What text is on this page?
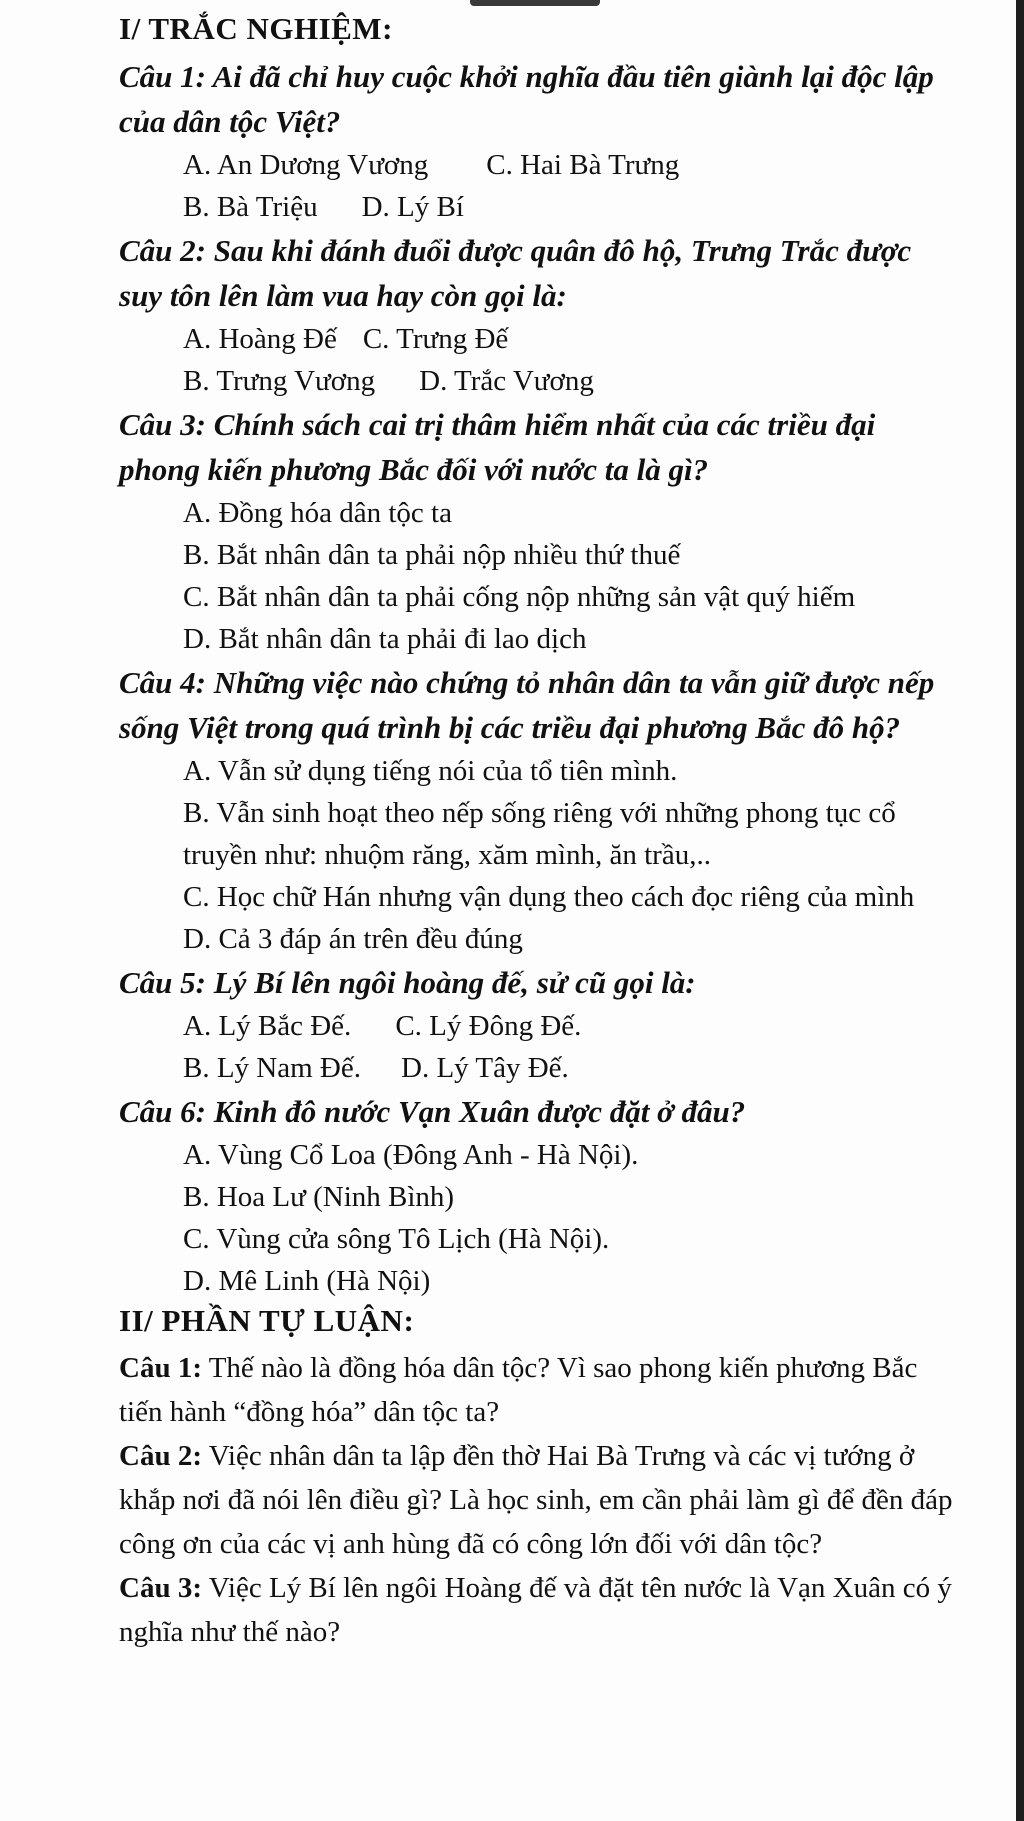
I/ TRẮC NGHIỆM:

Câu 1: Ai đã chỉ huy cuộc khởi nghĩa đầu tiên giành lại độc lập của dân tộc Việt?

A. An Dương Vương C. Hai Bà Trưng
B. Bà Triệu D. Lý Bí

Câu 2: Sau khi đánh đuổi được quân đô hộ, Trưng Trắc được suy tôn lên làm vua hay còn gọi là:

A. Hoàng Đế C. Trưng Đế
B. Trưng Vương D. Trắc Vương

Câu 3: Chính sách cai trị thâm hiểm nhất của các triều đại phong kiến phương Bắc đối với nước ta là gì?

A. Đồng hóa dân tộc ta

B. Bắt nhân dân ta phải nộp nhiều thứ thuế

C. Bắt nhân dân ta phải cống nộp những sản vật quý hiếm

D. Bắt nhân dân ta phải đi lao dịch

Câu 4: Những việc nào chứng tỏ nhân dân ta vẫn giữ được nếp sống Việt trong quá trình bị các triều đại phương Bắc đô hộ?

A. Vẫn sử dụng tiếng nói của tổ tiên mình.

B. Vẫn sinh hoạt theo nếp sống riêng với những phong tục cổ truyền như: nhuộm răng, xăm mình, ăn trầu,..

C. Học chữ Hán nhưng vận dụng theo cách đọc riêng của mình

D. Cả 3 đáp án trên đều đúng

Câu 5: Lý Bí lên ngôi hoàng đế, sử cũ gọi là:

A. Lý Bắc Đế. C. Lý Đông Đế.
B. Lý Nam Đế. D. Lý Tây Đế.

Câu 6: Kinh đô nước Vạn Xuân được đặt ở đâu?

A. Vùng Cổ Loa (Đông Anh - Hà Nội).

B. Hoa Lư (Ninh Bình)

C. Vùng cửa sông Tô Lịch (Hà Nội).

D. Mê Linh (Hà Nội)

II/ PHẦN TỰ LUẬN:

Câu 1: Thế nào là đồng hóa dân tộc? Vì sao phong kiến phương Bắc tiến hành “đồng hóa” dân tộc ta?

Câu 2: Việc nhân dân ta lập đền thờ Hai Bà Trưng và các vị tướng ở khắp nơi đã nói lên điều gì? Là học sinh, em cần phải làm gì để đền đáp công ơn của các vị anh hùng đã có công lớn đối với dân tộc?

Câu 3: Việc Lý Bí lên ngôi Hoàng đế và đặt tên nước là Vạn Xuân có ý nghĩa như thế nào?
